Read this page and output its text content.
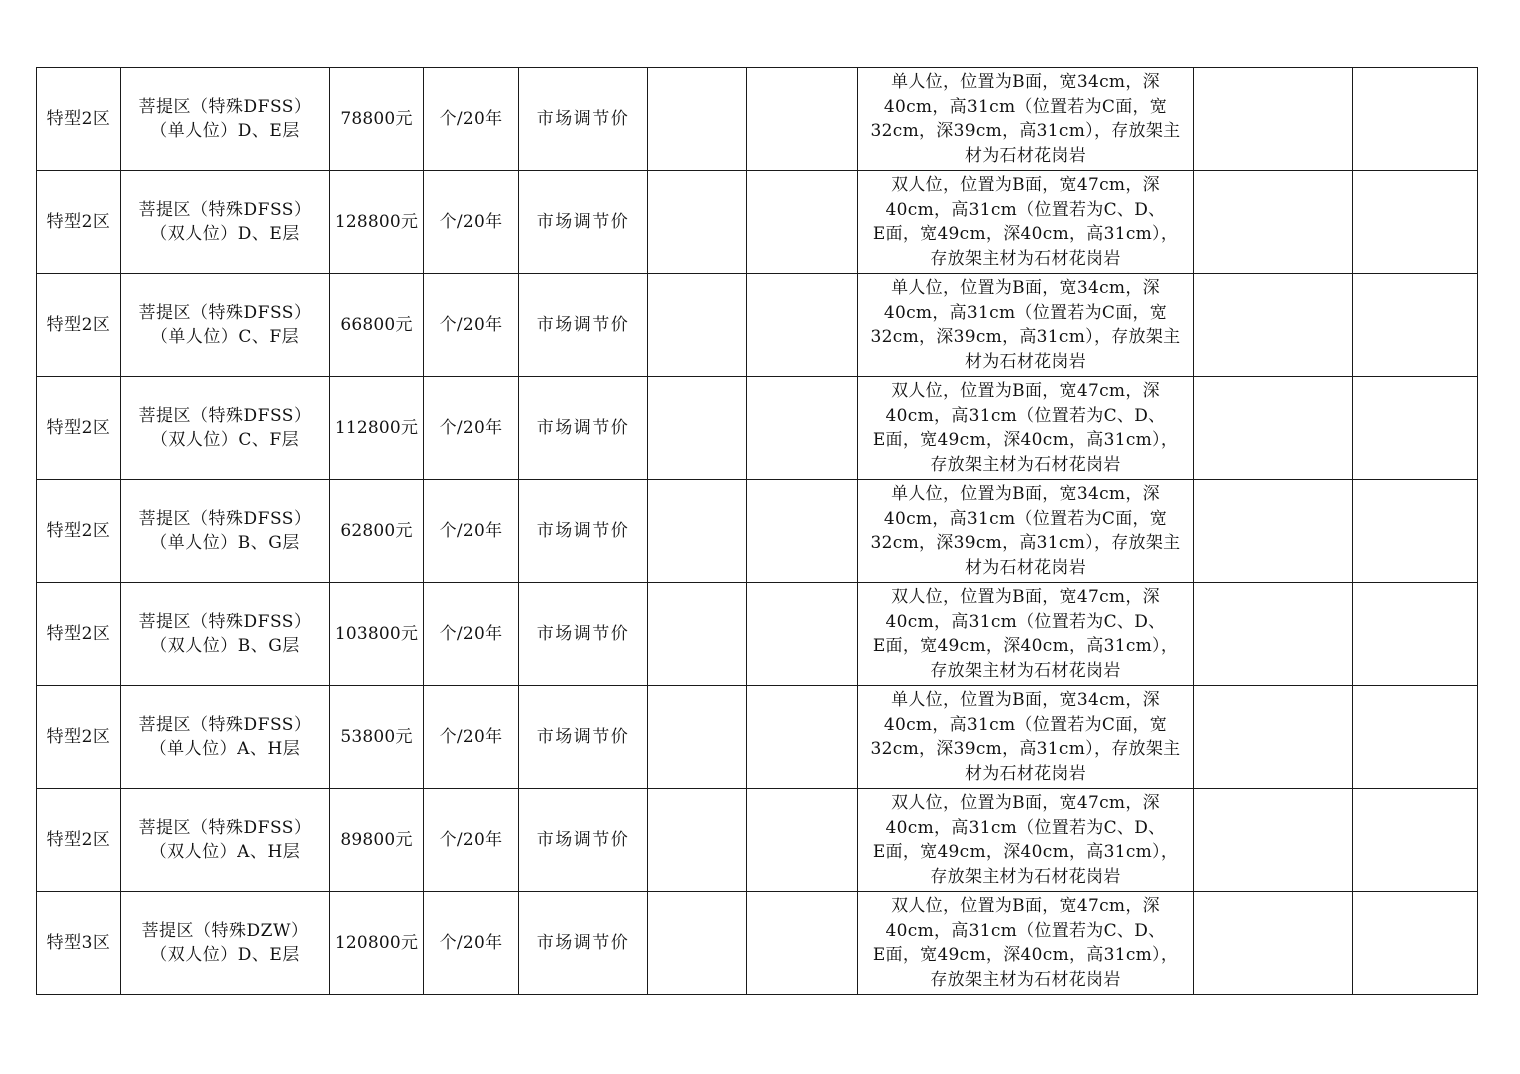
特型2区	菩提区（特殊DFSS）
（单人位）D、E层	78800元	个/20年	市场调节价			单人位，位置为B面，宽34cm，深
40cm，高31cm（位置若为C面，宽
32cm，深39cm，高31cm），存放架主
材为石材花岗岩		

特型2区	菩提区（特殊DFSS）
（双人位）D、E层	128800元	个/20年	市场调节价			双人位，位置为B面，宽47cm，深
40cm，高31cm（位置若为C、D、
E面，宽49cm，深40cm，高31cm），
存放架主材为石材花岗岩		

特型2区	菩提区（特殊DFSS）
（单人位）C、F层	66800元	个/20年	市场调节价			单人位，位置为B面，宽34cm，深
40cm，高31cm（位置若为C面，宽
32cm，深39cm，高31cm），存放架主
材为石材花岗岩		

特型2区	菩提区（特殊DFSS）
（双人位）C、F层	112800元	个/20年	市场调节价			双人位，位置为B面，宽47cm，深
40cm，高31cm（位置若为C、D、
E面，宽49cm，深40cm，高31cm），
存放架主材为石材花岗岩		

特型2区	菩提区（特殊DFSS）
（单人位）B、G层	62800元	个/20年	市场调节价			单人位，位置为B面，宽34cm，深
40cm，高31cm（位置若为C面，宽
32cm，深39cm，高31cm），存放架主
材为石材花岗岩		

特型2区	菩提区（特殊DFSS）
（双人位）B、G层	103800元	个/20年	市场调节价			双人位，位置为B面，宽47cm，深
40cm，高31cm（位置若为C、D、
E面，宽49cm，深40cm，高31cm），
存放架主材为石材花岗岩		

特型2区	菩提区（特殊DFSS）
（单人位）A、H层	53800元	个/20年	市场调节价			单人位，位置为B面，宽34cm，深
40cm，高31cm（位置若为C面，宽
32cm，深39cm，高31cm），存放架主
材为石材花岗岩		

特型2区	菩提区（特殊DFSS）
（双人位）A、H层	89800元	个/20年	市场调节价			双人位，位置为B面，宽47cm，深
40cm，高31cm（位置若为C、D、
E面，宽49cm，深40cm，高31cm），
存放架主材为石材花岗岩		

特型3区	菩提区（特殊DZW）
（双人位）D、E层	120800元	个/20年	市场调节价			双人位，位置为B面，宽47cm，深
40cm，高31cm（位置若为C、D、
E面，宽49cm，深40cm，高31cm），
存放架主材为石材花岗岩		
